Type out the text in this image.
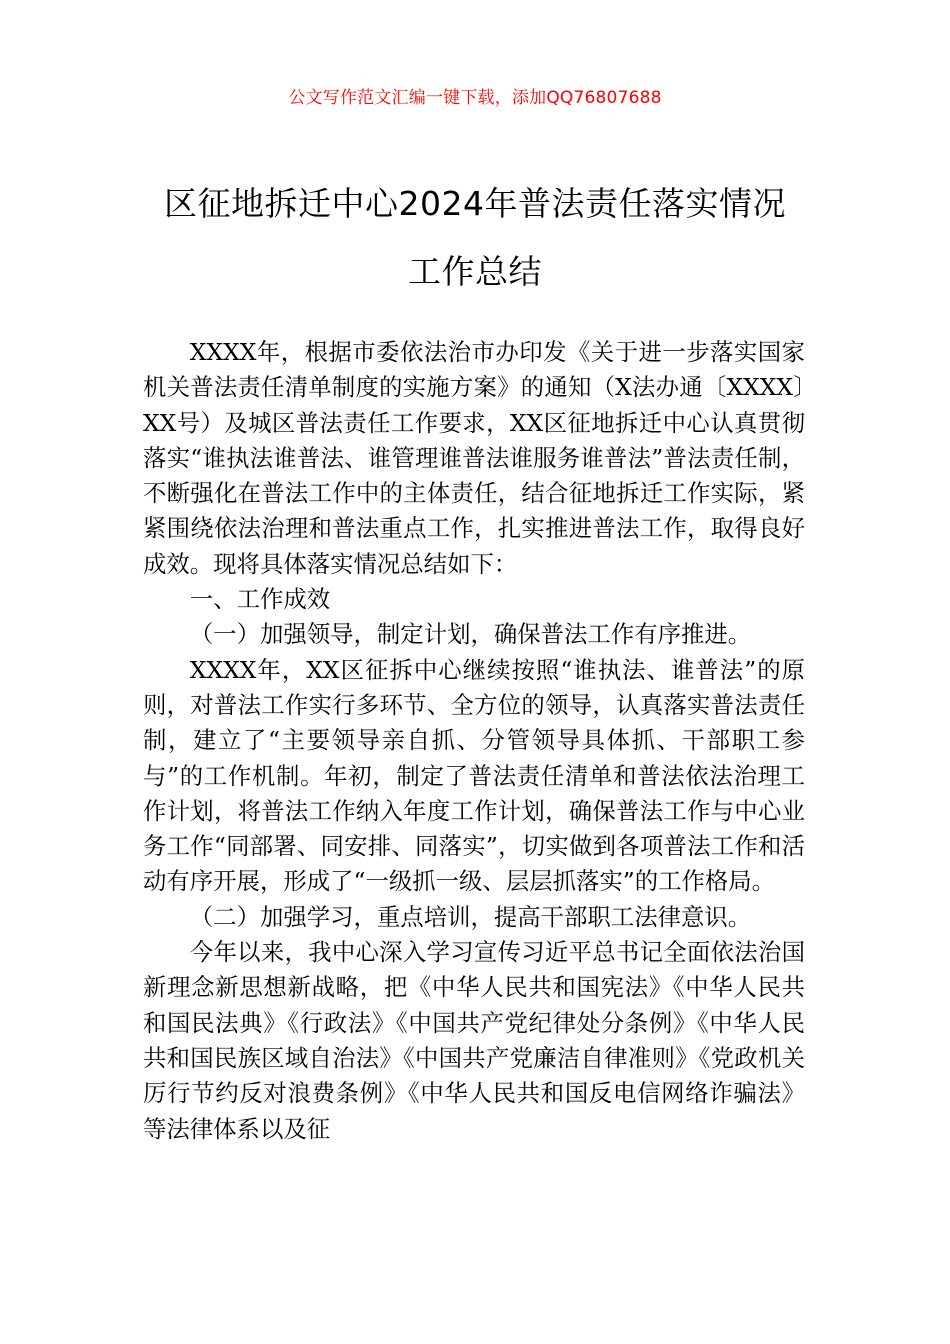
公文写作范文汇编一键下载，添加QQ76807688
区征地拆迁中心2024年普法责任落实情况
工作总结

XXXX年，根据市委依法治市办印发《关于进一步落实国家机关普法责任清单制度的实施方案》的通知（X法办通〔XXXX〕XX号）及城区普法责任工作要求，XX区征地拆迁中心认真贯彻落实“谁执法谁普法、谁管理谁普法谁服务谁普法”普法责任制，不断强化在普法工作中的主体责任，结合征地拆迁工作实际，紧紧围绕依法治理和普法重点工作，扎实推进普法工作，取得良好成效。现将具体落实情况总结如下：

一、工作成效

（一）加强领导，制定计划，确保普法工作有序推进。

XXXX年，XX区征拆中心继续按照“谁执法、谁普法”的原则，对普法工作实行多环节、全方位的领导，认真落实普法责任制，建立了“主要领导亲自抓、分管领导具体抓、干部职工参与”的工作机制。年初，制定了普法责任清单和普法依法治理工作计划，将普法工作纳入年度工作计划，确保普法工作与中心业务工作“同部署、同安排、同落实”，切实做到各项普法工作和活动有序开展，形成了“一级抓一级、层层抓落实”的工作格局。

（二）加强学习，重点培训，提高干部职工法律意识。

今年以来，我中心深入学习宣传习近平总书记全面依法治国新理念新思想新战略，把《中华人民共和国宪法》《中华人民共和国民法典》《行政法》《中国共产党纪律处分条例》《中华人民共和国民族区域自治法》《中国共产党廉洁自律准则》《党政机关厉行节约反对浪费条例》《中华人民共和国反电信网络诈骗法》等法律体系以及征
